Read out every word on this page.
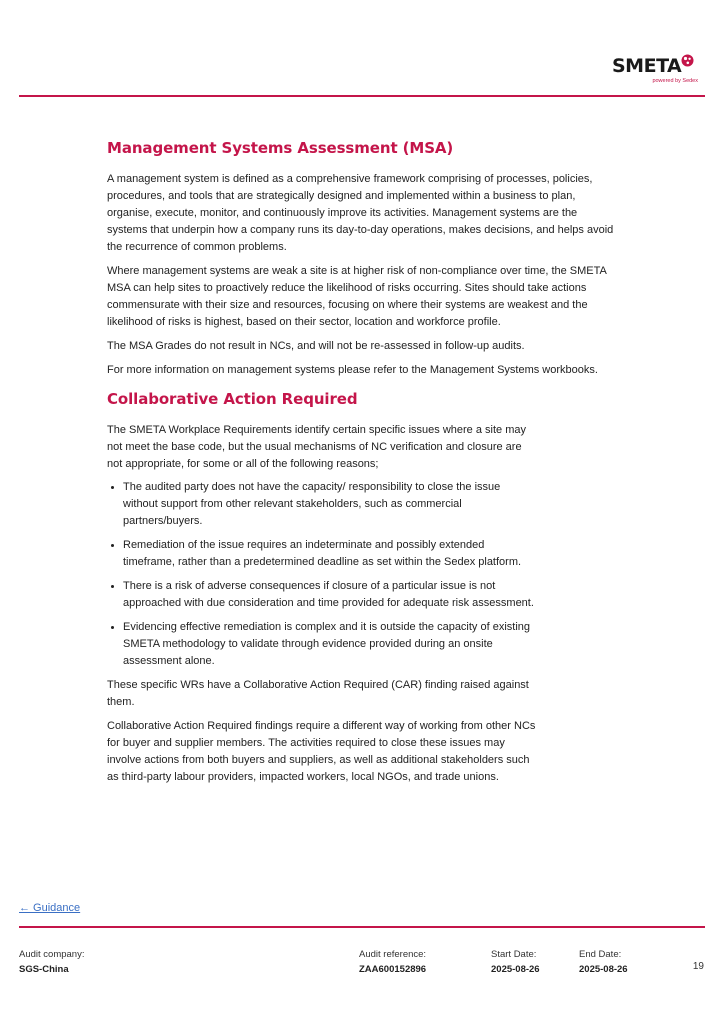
SMETA
powered by Sedex
Management Systems Assessment (MSA)

A management system is defined as a comprehensive framework comprising of processes, policies, procedures, and tools that are strategically designed and implemented within a business to plan, organise, execute, monitor, and continuously improve its activities. Management systems are the systems that underpin how a company runs its day-to-day operations, makes decisions, and helps avoid the recurrence of common problems.

Where management systems are weak a site is at higher risk of non-compliance over time, the SMETA MSA can help sites to proactively reduce the likelihood of risks occurring. Sites should take actions commensurate with their size and resources, focusing on where their systems are weakest and the likelihood of risks is highest, based on their sector, location and workforce profile.

The MSA Grades do not result in NCs, and will not be re-assessed in follow-up audits.

For more information on management systems please refer to the Management Systems workbooks.

Collaborative Action Required

The SMETA Workplace Requirements identify certain specific issues where a site may not meet the base code, but the usual mechanisms of NC verification and closure are not appropriate, for some or all of the following reasons;

• The audited party does not have the capacity/ responsibility to close the issue without support from other relevant stakeholders, such as commercial partners/buyers.
• Remediation of the issue requires an indeterminate and possibly extended timeframe, rather than a predetermined deadline as set within the Sedex platform.
• There is a risk of adverse consequences if closure of a particular issue is not approached with due consideration and time provided for adequate risk assessment.
• Evidencing effective remediation is complex and it is outside the capacity of existing SMETA methodology to validate through evidence provided during an onsite assessment alone.

These specific WRs have a Collaborative Action Required (CAR) finding raised against them.

Collaborative Action Required findings require a different way of working from other NCs for buyer and supplier members. The activities required to close these issues may involve actions from both buyers and suppliers, as well as additional stakeholders such as third-party labour providers, impacted workers, local NGOs, and trade unions.

← Guidance
Audit company:
SGS-China
Audit reference:
ZAA600152896
Start Date:
2025-08-26
End Date:
2025-08-26	19
